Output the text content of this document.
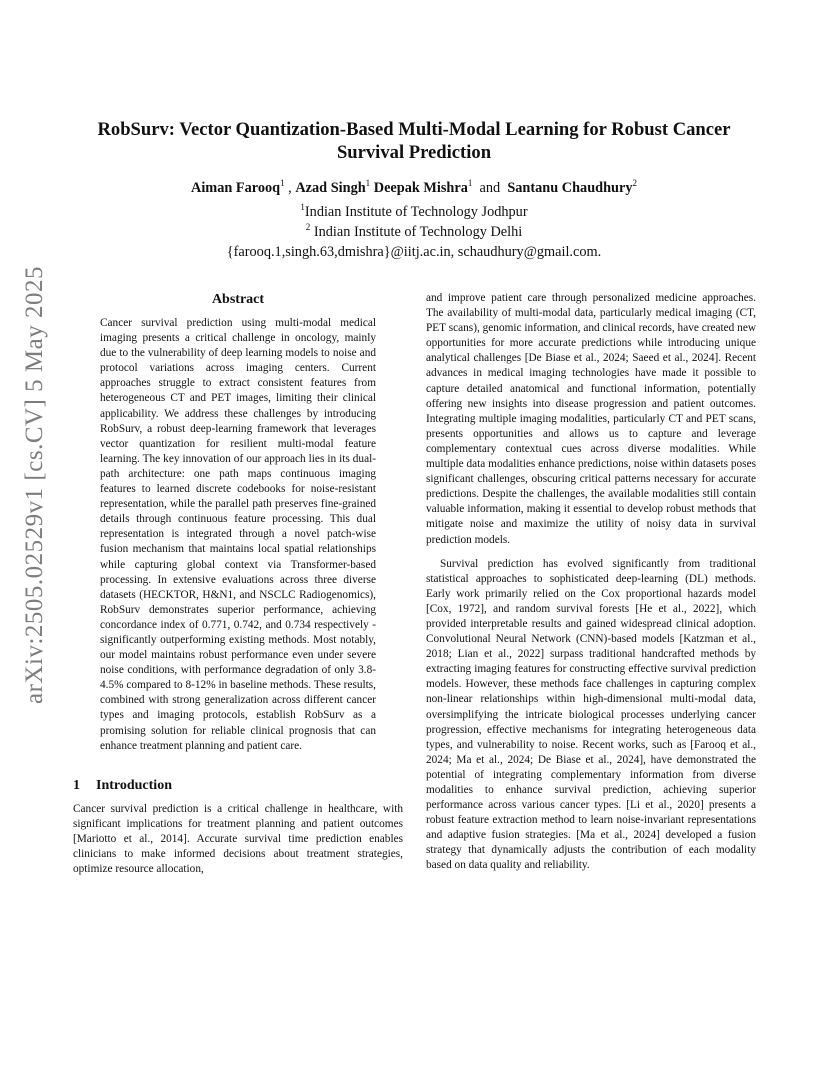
arXiv:2505.02529v1 [cs.CV] 5 May 2025
RobSurv: Vector Quantization-Based Multi-Modal Learning for Robust Cancer Survival Prediction
Aiman Farooq$^1$ , Azad Singh$^1$ Deepak Mishra$^1$  and  Santanu Chaudhury$^2$
$^1$Indian Institute of Technology Jodhpur
$^2$ Indian Institute of Technology Delhi
{farooq.1,singh.63,dmishra}@iitj.ac.in, schaudhury@gmail.com.
Abstract

Cancer survival prediction using multi-modal medical imaging presents a critical challenge in oncology, mainly due to the vulnerability of deep learning models to noise and protocol variations across imaging centers. Current approaches struggle to extract consistent features from heterogeneous CT and PET images, limiting their clinical applicability. We address these challenges by introducing RobSurv, a robust deep-learning framework that leverages vector quantization for resilient multi-modal feature learning. The key innovation of our approach lies in its dual-path architecture: one path maps continuous imaging features to learned discrete codebooks for noise-resistant representation, while the parallel path preserves fine-grained details through continuous feature processing. This dual representation is integrated through a novel patch-wise fusion mechanism that maintains local spatial relationships while capturing global context via Transformer-based processing. In extensive evaluations across three diverse datasets (HECKTOR, H&N1, and NSCLC Radiogenomics), RobSurv demonstrates superior performance, achieving concordance index of 0.771, 0.742, and 0.734 respectively - significantly outperforming existing methods. Most notably, our model maintains robust performance even under severe noise conditions, with performance degradation of only 3.8-4.5% compared to 8-12% in baseline methods. These results, combined with strong generalization across different cancer types and imaging protocols, establish RobSurv as a promising solution for reliable clinical prognosis that can enhance treatment planning and patient care.

1 Introduction

Cancer survival prediction is a critical challenge in healthcare, with significant implications for treatment planning and patient outcomes [Mariotto et al., 2014]. Accurate survival time prediction enables clinicians to make informed decisions about treatment strategies, optimize resource allocation,

and improve patient care through personalized medicine approaches. The availability of multi-modal data, particularly medical imaging (CT, PET scans), genomic information, and clinical records, have created new opportunities for more accurate predictions while introducing unique analytical challenges [De Biase et al., 2024; Saeed et al., 2024]. Recent advances in medical imaging technologies have made it possible to capture detailed anatomical and functional information, potentially offering new insights into disease progression and patient outcomes. Integrating multiple imaging modalities, particularly CT and PET scans, presents opportunities and allows us to capture and leverage complementary contextual cues across diverse modalities. While multiple data modalities enhance predictions, noise within datasets poses significant challenges, obscuring critical patterns necessary for accurate predictions. Despite the challenges, the available modalities still contain valuable information, making it essential to develop robust methods that mitigate noise and maximize the utility of noisy data in survival prediction models.

Survival prediction has evolved significantly from traditional statistical approaches to sophisticated deep-learning (DL) methods. Early work primarily relied on the Cox proportional hazards model [Cox, 1972], and random survival forests [He et al., 2022], which provided interpretable results and gained widespread clinical adoption. Convolutional Neural Network (CNN)-based models [Katzman et al., 2018; Lian et al., 2022] surpass traditional handcrafted methods by extracting imaging features for constructing effective survival prediction models. However, these methods face challenges in capturing complex non-linear relationships within high-dimensional multi-modal data, oversimplifying the intricate biological processes underlying cancer progression, effective mechanisms for integrating heterogeneous data types, and vulnerability to noise. Recent works, such as [Farooq et al., 2024; Ma et al., 2024; De Biase et al., 2024], have demonstrated the potential of integrating complementary information from diverse modalities to enhance survival prediction, achieving superior performance across various cancer types. [Li et al., 2020] presents a robust feature extraction method to learn noise-invariant representations and adaptive fusion strategies. [Ma et al., 2024] developed a fusion strategy that dynamically adjusts the contribution of each modality based on data quality and reliability.
